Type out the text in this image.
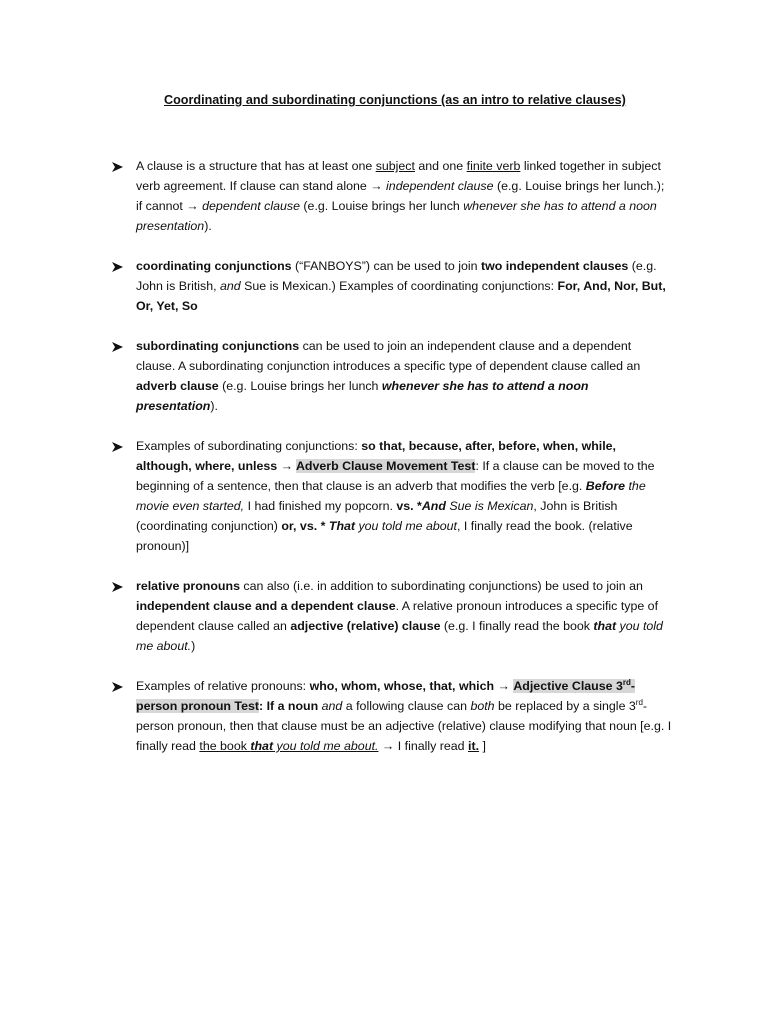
Coordinating and subordinating conjunctions (as an intro to relative clauses)
A clause is a structure that has at least one subject and one finite verb linked together in subject verb agreement. If clause can stand alone → independent clause (e.g. Louise brings her lunch.); if cannot → dependent clause (e.g. Louise brings her lunch whenever she has to attend a noon presentation).
coordinating conjunctions (“FANBOYS”) can be used to join two independent clauses (e.g. John is British, and Sue is Mexican.) Examples of coordinating conjunctions: For, And, Nor, But, Or, Yet, So
subordinating conjunctions can be used to join an independent clause and a dependent clause. A subordinating conjunction introduces a specific type of dependent clause called an adverb clause (e.g. Louise brings her lunch whenever she has to attend a noon presentation).
Examples of subordinating conjunctions: so that, because, after, before, when, while, although, where, unless → Adverb Clause Movement Test: If a clause can be moved to the beginning of a sentence, then that clause is an adverb that modifies the verb [e.g. Before the movie even started, I had finished my popcorn. vs. *And Sue is Mexican, John is British (coordinating conjunction) or, vs. * That you told me about, I finally read the book. (relative pronoun)]
relative pronouns can also (i.e. in addition to subordinating conjunctions) be used to join an independent clause and a dependent clause. A relative pronoun introduces a specific type of dependent clause called an adjective (relative) clause (e.g. I finally read the book that you told me about.)
Examples of relative pronouns: who, whom, whose, that, which → Adjective Clause 3rd-person pronoun Test: If a noun and a following clause can both be replaced by a single 3rd-person pronoun, then that clause must be an adjective (relative) clause modifying that noun [e.g. I finally read the book that you told me about. → I finally read it. ]
